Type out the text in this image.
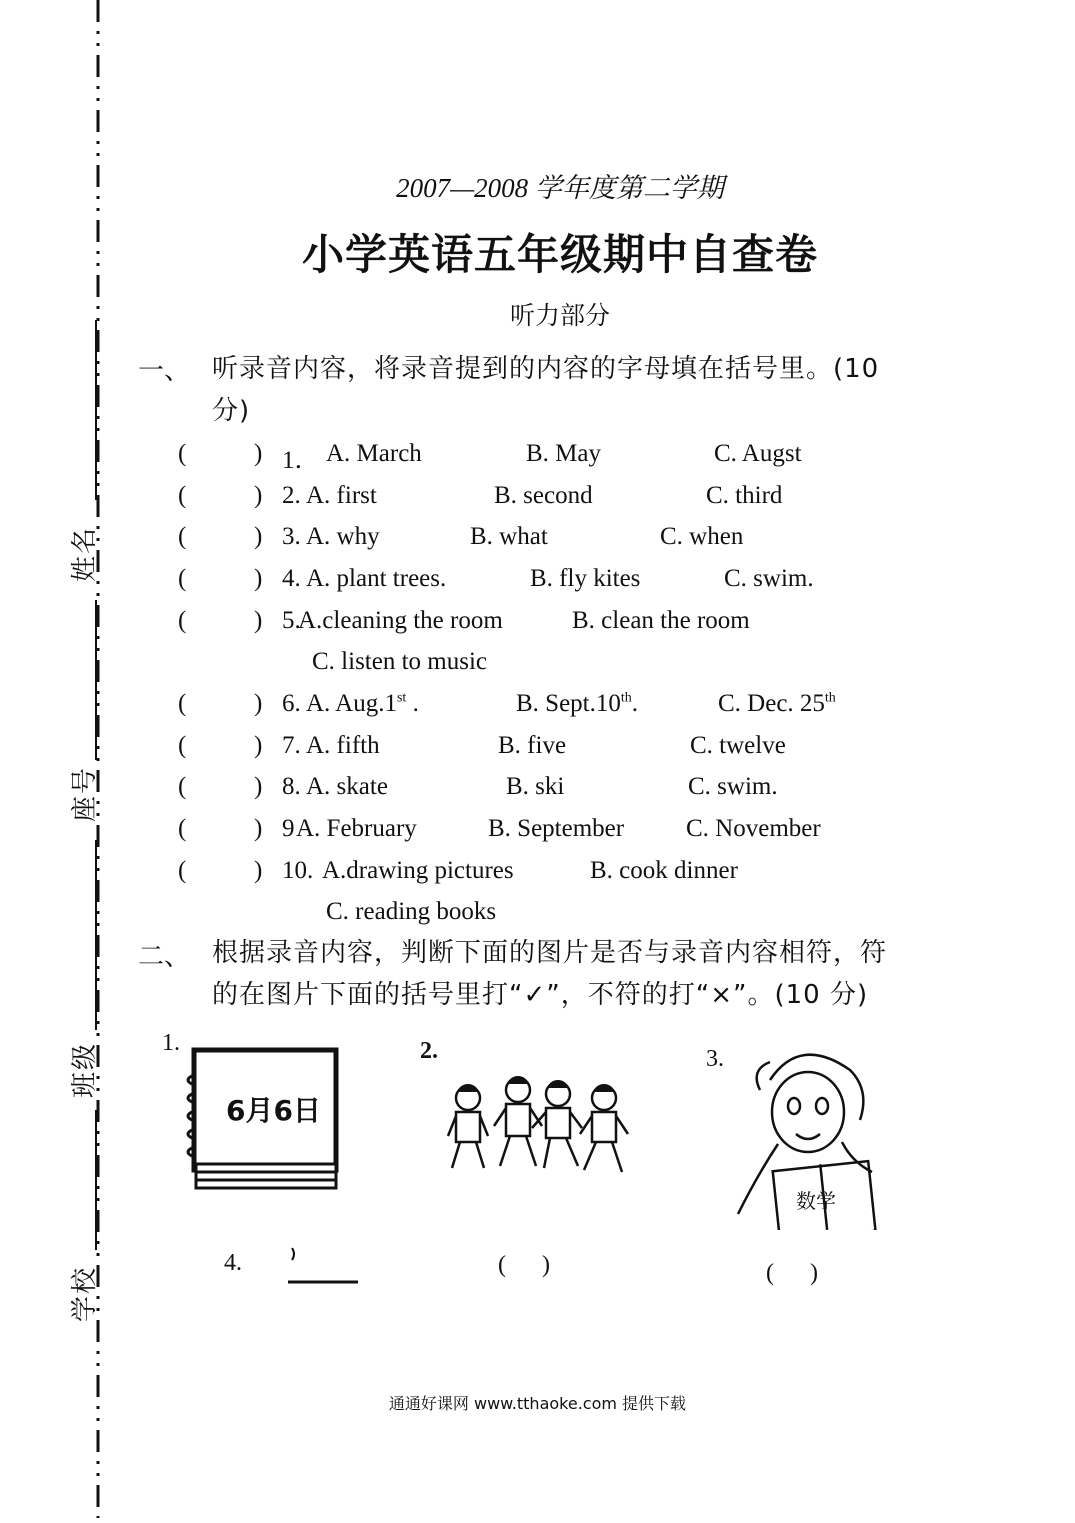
姓名
座号
班级
学校
2007—2008 学年度第二学期
小学英语五年级期中自查卷
听力部分
一、 听录音内容，将录音提到的内容的字母填在括号里。(10
分)
(	) 1． A. March	B. May	C. Augst
(	) 2. A. first	B. second	C. third
(	) 3. A. why	B. what	C. when
(	) 4. A. plant trees.	B. fly kites	C. swim.
(	) 5.
A.cleaning the room	B. clean the room
C. listen to music
(	) 6. A. Aug.1st .	B. Sept.10th.	C. Dec. 25th
(	) 7. A. fifth	B. five	C. twelve
(	) 8. A. skate	B. ski	C. swim.
(	) 9 A. February	B. September C. November
(	) 10. A.drawing pictures	B. cook dinner
C. reading books
二、 根据录音内容，判断下面的图片是否与录音内容相符，符
的在图片下面的括号里打“✓”，不符的打“×”。(10 分)
1.
6月6日
2.	3.
数学
4.	(      )	(      )
通通好课网 www.tthaoke.com 提供下载
